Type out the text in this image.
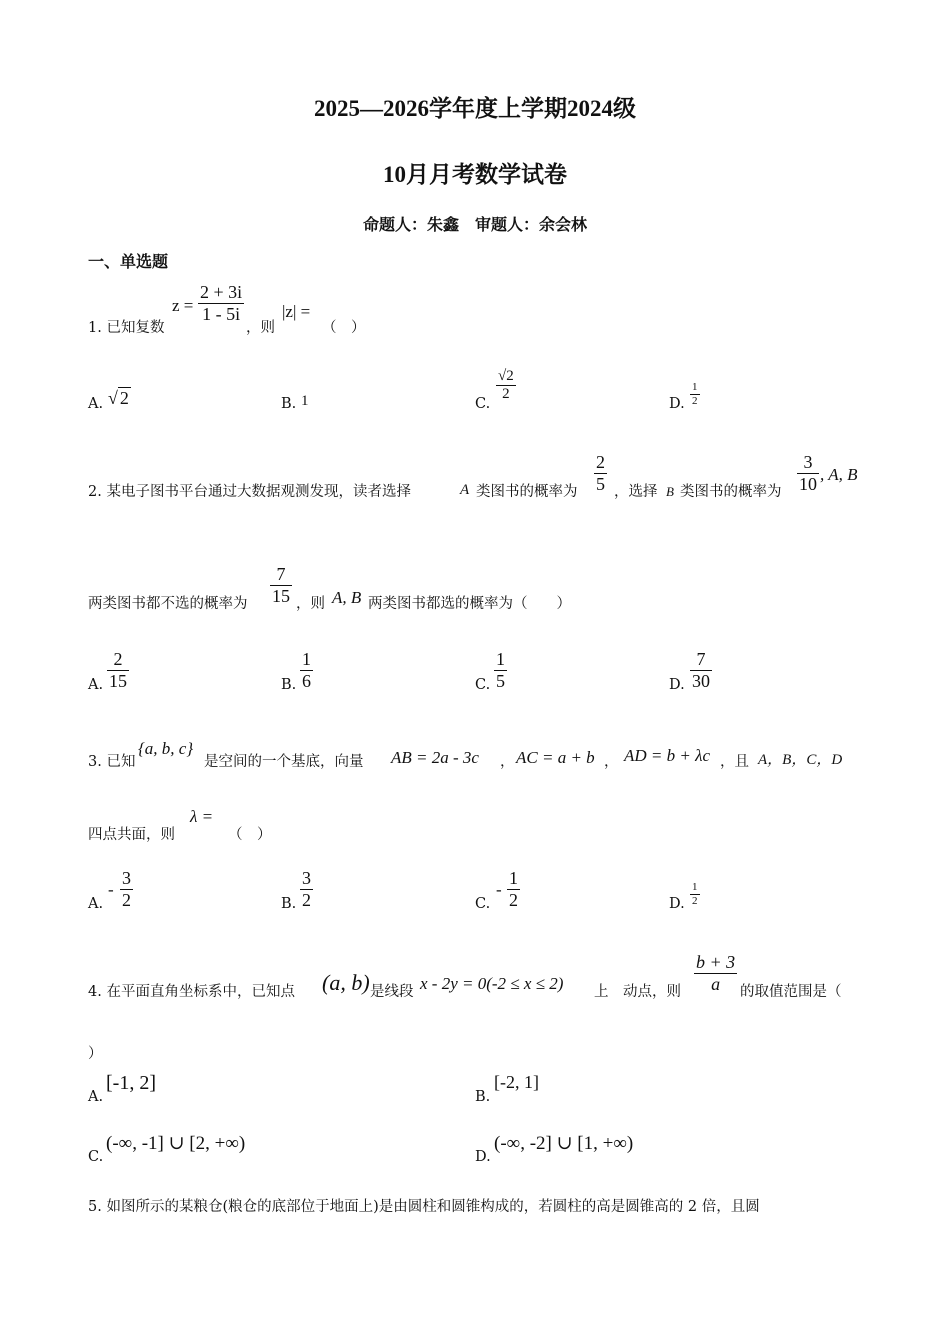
2025—2026学年度上学期2024级
10月月考数学试卷
命题人：朱鑫　审题人：余会林
一、单选题
1. 已知复数
$z = \frac{2 + 3i}{1 - 5i}$
，则
|z| =
（　）
A. √ 2	B. 1	C.
$\frac{√2}{2}$
D. $\frac{1}{2}$
2. 某电子图书平台通过大数据观测发现，读者选择	A 类图书的概率为 $\frac{2}{5}$ ，选择 B 类图书的概率为 $\frac{3}{10}$ , A, B
两类图书都不选的概率为 $\frac{7}{15}$ ，则 A, B 两类图书都选的概率为（　　）
A. $\frac{2}{15}$	B. $\frac{1}{6}$	C. $\frac{1}{5}$	D. $\frac{7}{30}$
3. 已知
{a, b, c}
是空间的一个基底，向量 AB = 2a - 3c ， AC = a + b ， AD = b + λc ，且 A，B，C，D
四点共面，则
λ =
（　）
A.
- $\frac{3}{2}$	B. $\frac{3}{2}$	C.
- $\frac{1}{2}$	D. $\frac{1}{2}$
4. 在平面直角坐标系中，已知点 (a, b) 是线段 x - 2y = 0(-2 ≤ x ≤ 2) 上　动点，则 $\frac{b + 3}{a}$ 的取值范围是（
）
A.
[-1, 2]
B.
[-2, 1]
C.
(-∞, -1] ∪ [2, +∞)
D.
(-∞, -2] ∪ [1, +∞)
5. 如图所示的某粮仓(粮仓的底部位于地面上)是由圆柱和圆锥构成的，若圆柱的高是圆锥高的 2 倍，且圆
